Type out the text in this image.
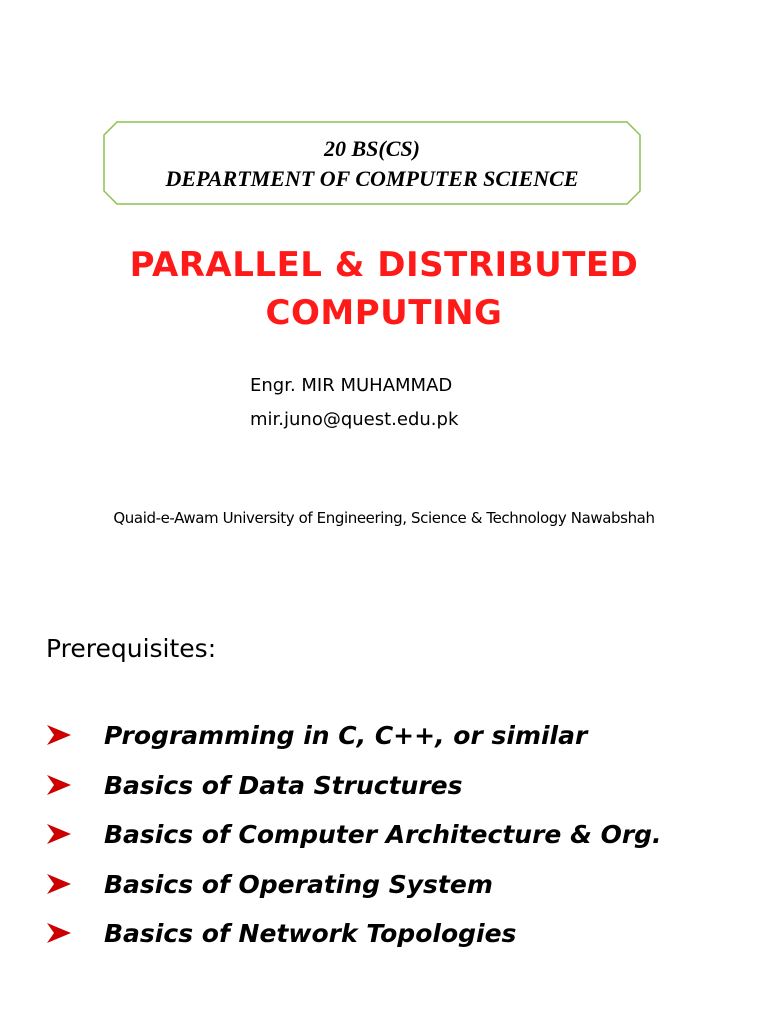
20 BS(CS)
DEPARTMENT OF COMPUTER SCIENCE
PARALLEL & DISTRIBUTED
COMPUTING
Engr. MIR MUHAMMAD
mir.juno@quest.edu.pk
Quaid-e-Awam University of Engineering, Science & Technology Nawabshah
Prerequisites:
Programming in C, C++, or similar
Basics of Data Structures
Basics of Computer Architecture & Org.
Basics of Operating System
Basics of Network Topologies
